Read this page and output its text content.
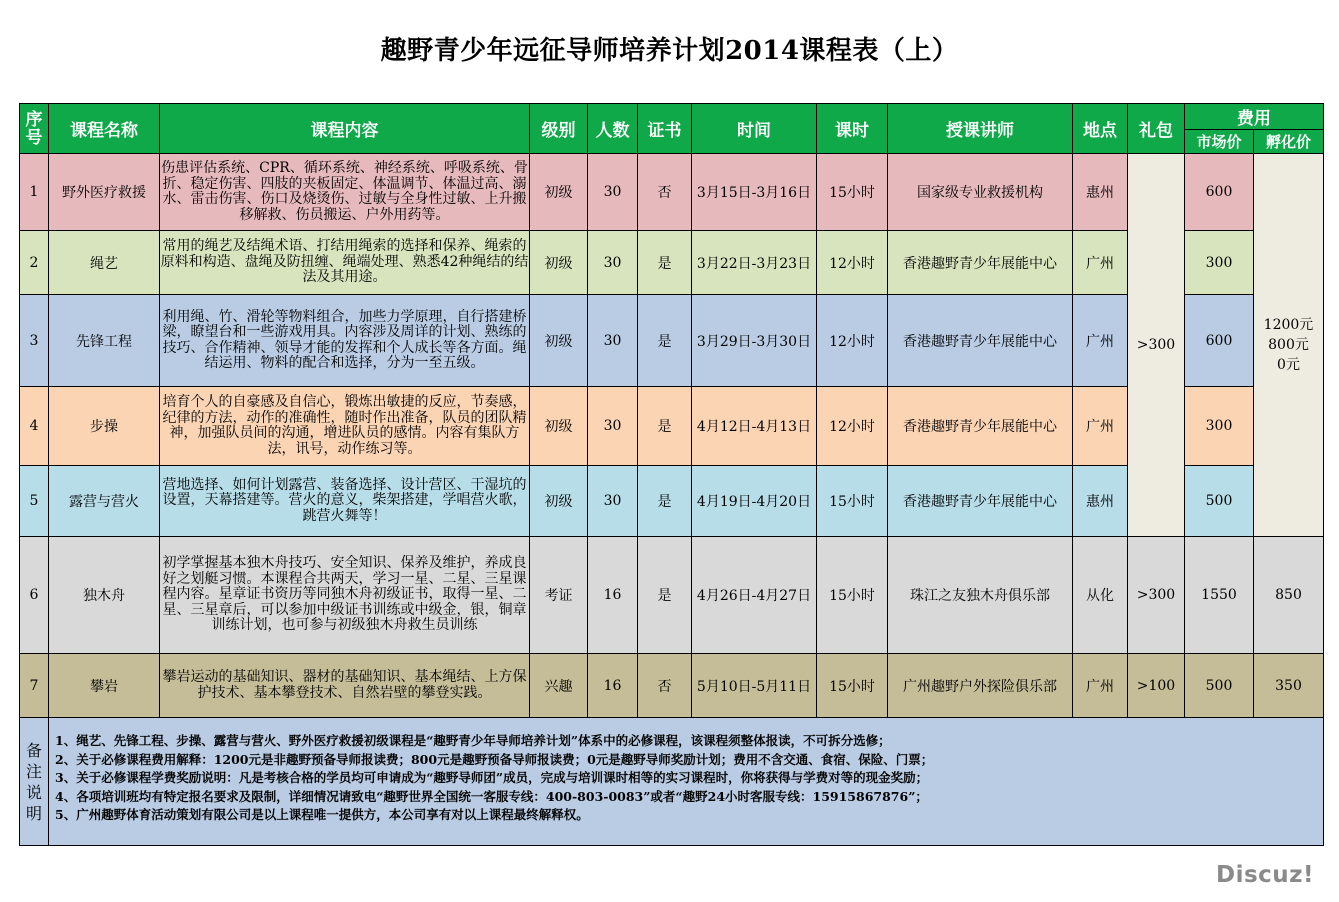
趣野青少年远征导师培养计划2014课程表（上）
序号	课程名称	课程内容	级别	人数	证书	时间	课时	授课讲师	地点	礼包	费用	
											市场价	孵化价
1	野外医疗救援	伤患评估系统、CPR、循环系统、神经系统、呼吸系统、骨折、稳定伤害、四肢的夹板固定、体温调节、体温过高、溺水、雷击伤害、伤口及烧烫伤、过敏与全身性过敏、上升搬移解救、伤员搬运、户外用药等。	初级	30	否	3月15日-3月16日	15小时	国家级专业救援机构	惠州	>300	600	1200元
800元
0元

2	绳艺	常用的绳艺及结绳术语、打结用绳索的选择和保养、绳索的原料和构造、盘绳及防扭缠、绳端处理、熟悉42种绳结的结法及其用途。	初级	30	是	3月22日-3月23日	12小时	香港趣野青少年展能中心	广州		300	
3	先锋工程	利用绳、竹、滑轮等物料组合，加些力学原理，自行搭建桥梁，瞭望台和一些游戏用具。内容涉及周详的计划、熟练的技巧、合作精神、领导才能的发挥和个人成长等各方面。绳结运用、物料的配合和选择，分为一至五级。	初级	30	是	3月29日-3月30日	12小时	香港趣野青少年展能中心	广州		600	
4	步操	培育个人的自豪感及自信心，锻炼出敏捷的反应，节奏感，纪律的方法，动作的准确性，随时作出准备，队员的团队精神，加强队员间的沟通，增进队员的感情。内容有集队方法，讯号，动作练习等。	初级	30	是	4月12日-4月13日	12小时	香港趣野青少年展能中心	广州		300	
5	露营与营火	营地选择、如何计划露营、装备选择、设计营区、干湿坑的设置，天幕搭建等。营火的意义，柴架搭建，学唱营火歌，跳营火舞等！	初级	30	是	4月19日-4月20日	15小时	香港趣野青少年展能中心	惠州		500	
6	独木舟	初学掌握基本独木舟技巧、安全知识、保养及维护，养成良好之划艇习惯。本课程合共两天，学习一星、二星、三星课程内容。星章证书资历等同独木舟初级证书，取得一星、二星、三星章后，可以参加中级证书训练或中级金，银，铜章训练计划，也可参与初级独木舟救生员训练	考证	16	是	4月26日-4月27日	15小时	珠江之友独木舟俱乐部	从化	>300	1550	850
7	攀岩	攀岩运动的基础知识、器材的基础知识、基本绳结、上方保护技术、基本攀登技术、自然岩壁的攀登实践。	兴趣	16	否	5月10日-5月11日	15小时	广州趣野户外探险俱乐部	广州	>100	500	350

备注说明	1、绳艺、先锋工程、步操、露营与营火、野外医疗救援初级课程是“趣野青少年导师培养计划”体系中的必修课程，该课程须整体报读，不可拆分选修；
2、关于必修课程费用解释：1200元是非趣野预备导师报读费；800元是趣野预备导师报读费；0元是趣野导师奖励计划；费用不含交通、食宿、保险、门票；
3、关于必修课程学费奖励说明：凡是考核合格的学员均可申请成为“趣野导师团”成员，完成与培训课时相等的实习课程时，你将获得与学费对等的现金奖励；
4、各项培训班均有特定报名要求及限制，详细情况请致电“趣野世界全国统一客服专线：400-803-0083”或者“趣野24小时客服专线：15915867876”；
5、广州趣野体育活动策划有限公司是以上课程唯一提供方，本公司享有对以上课程最终解释权。											
Discuz!
